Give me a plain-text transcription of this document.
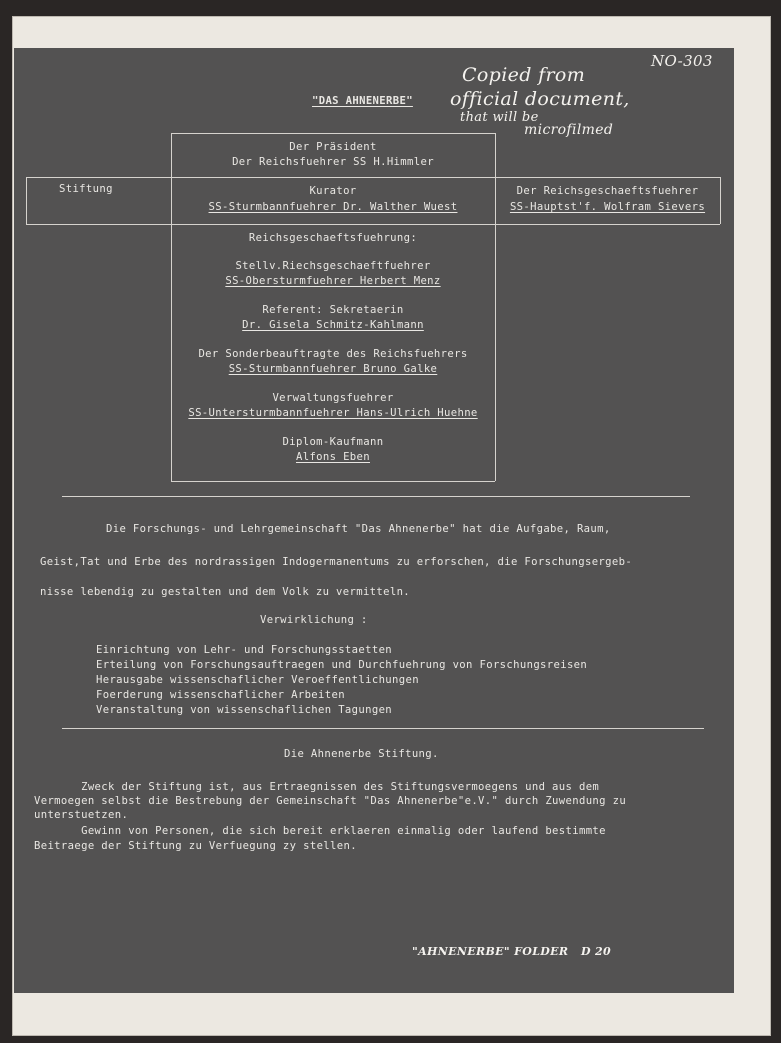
NO-303
Copied from
official document,
that will be
microfilmed
"DAS AHNENERBE"
Der Präsident
Der Reichsfuehrer SS H.Himmler
Stiftung	Kurator
SS-Sturmbannfuehrer Dr. Walther Wuest
Der Reichsgeschaeftsfuehrer
SS-Hauptst'f. Wolfram Sievers
Reichsgeschaeftsfuehrung:
Stellv.Riechsgeschaeftfuehrer
SS-Obersturmfuehrer Herbert Menz
Referent: Sekretaerin
Dr. Gisela Schmitz-Kahlmann
Der Sonderbeauftragte des Reichsfuehrers
SS-Sturmbannfuehrer Bruno Galke
Verwaltungsfuehrer
SS-Untersturmbannfuehrer Hans-Ulrich Huehne
Diplom-Kaufmann
Alfons Eben
Die Forschungs- und Lehrgemeinschaft "Das Ahnenerbe" hat die Aufgabe, Raum,
Geist,Tat und Erbe des nordrassigen Indogermanentums zu erforschen, die Forschungsergeb-
nisse lebendig zu gestalten und dem Volk zu vermitteln.
Verwirklichung :
Einrichtung von Lehr- und Forschungsstaetten
Erteilung von Forschungsauftraegen und Durchfuehrung von Forschungsreisen
Herausgabe wissenschaflicher Veroeffentlichungen
Foerderung wissenschaflicher Arbeiten
Veranstaltung von wissenschaflichen Tagungen
Die Ahnenerbe Stiftung.
Zweck der Stiftung ist, aus Ertraegnissen des Stiftungsvermoegens und aus dem
Vermoegen selbst die Bestrebung der Gemeinschaft "Das Ahnenerbe"e.V." durch Zuwendung zu
unterstuetzen.
Gewinn von Personen, die sich bereit erklaeren einmalig oder laufend bestimmte
Beitraege der Stiftung zu Verfuegung zy stellen.
"AHNENERBE" FOLDER   D 20
